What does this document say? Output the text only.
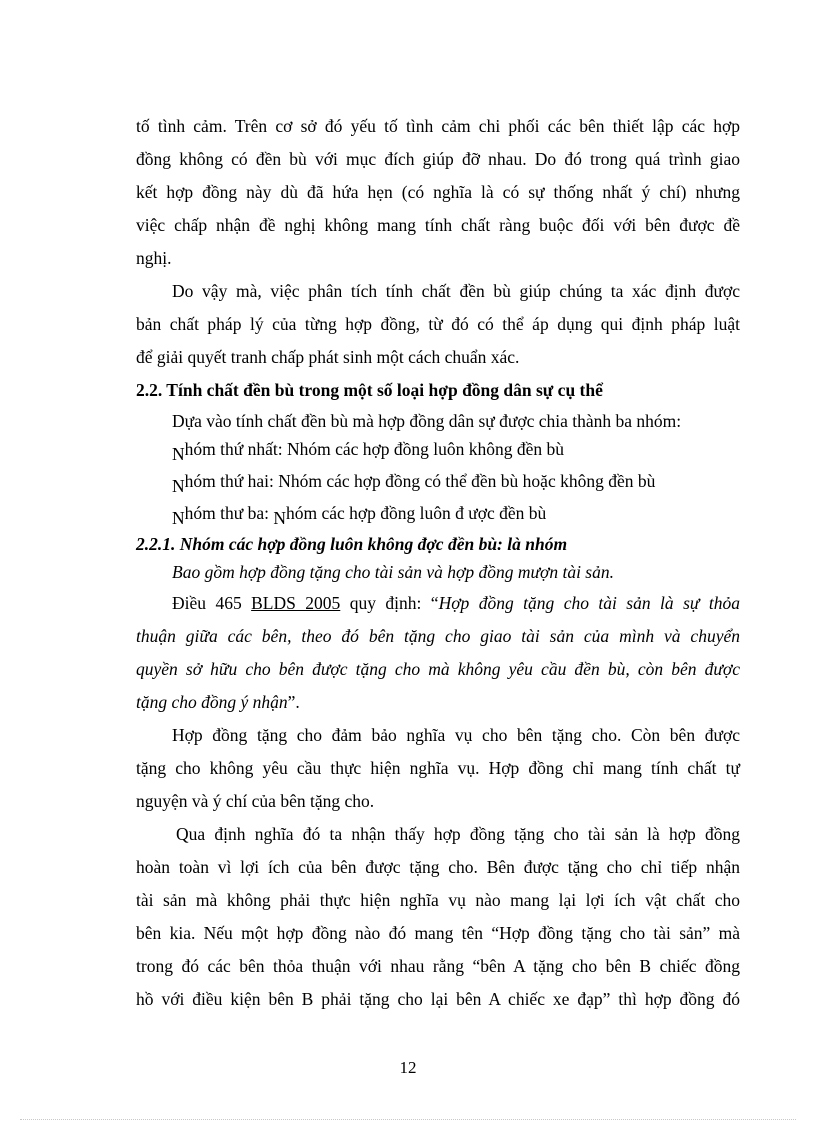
tố tình cảm. Trên cơ sở đó yếu tố tình cảm chi phối các bên thiết lập các hợp
đồng không có đền bù với mục đích giúp đỡ nhau. Do đó trong quá trình giao
kết hợp đồng này dù đã hứa hẹn (có nghĩa là có sự thống nhất ý chí) nhưng
việc chấp nhận đề nghị không mang tính chất ràng buộc đối với bên được đề
nghị.
Do vậy mà, việc phân tích tính chất đền bù giúp chúng ta xác định được
bản chất pháp lý của từng hợp đồng, từ đó có thể áp dụng qui định pháp luật
để giải quyết tranh chấp phát sinh một cách chuẩn xác.
2.2. Tính chất đền bù trong một số loại hợp đồng dân sự cụ thể
Dựa vào tính chất đền bù mà hợp đồng dân sự được chia thành ba nhóm:
Nhóm thứ nhất: Nhóm các hợp đồng luôn không đền bù
Nhóm thứ hai: Nhóm các hợp đồng có thể đền bù hoặc không đền bù
Nhóm thư ba: Nhóm các hợp đồng luôn đ ược đền bù
2.2.1. Nhóm các hợp đồng luôn không đợc đền bù: là nhóm
Bao gồm hợp đồng tặng cho tài sản và hợp đồng mượn tài sản.
Điều 465 BLDS 2005 quy định: “Hợp đồng tặng cho tài sản là sự thỏa
thuận giữa các bên, theo đó bên tặng cho giao tài sản của mình và chuyển
quyền sở hữu cho bên được tặng cho mà không yêu cầu đền bù, còn bên được
tặng cho đồng ý nhận”.
Hợp đồng tặng cho đảm bảo nghĩa vụ cho bên tặng cho. Còn bên được
tặng cho không yêu cầu thực hiện nghĩa vụ. Hợp đồng chỉ mang tính chất tự
nguyện và ý chí của bên tặng cho.
Qua định nghĩa đó ta nhận thấy hợp đồng tặng cho tài sản là hợp đồng
hoàn toàn vì lợi ích của bên được tặng cho. Bên được tặng cho chỉ tiếp nhận
tài sản mà không phải thực hiện nghĩa vụ nào mang lại lợi ích vật chất cho
bên kia. Nếu một hợp đồng nào đó mang tên “Hợp đồng tặng cho tài sản” mà
trong đó các bên thỏa thuận với nhau rằng “bên A tặng cho bên B chiếc đồng
hồ với điều kiện bên B phải tặng cho lại bên A chiếc xe đạp” thì hợp đồng đó
12
